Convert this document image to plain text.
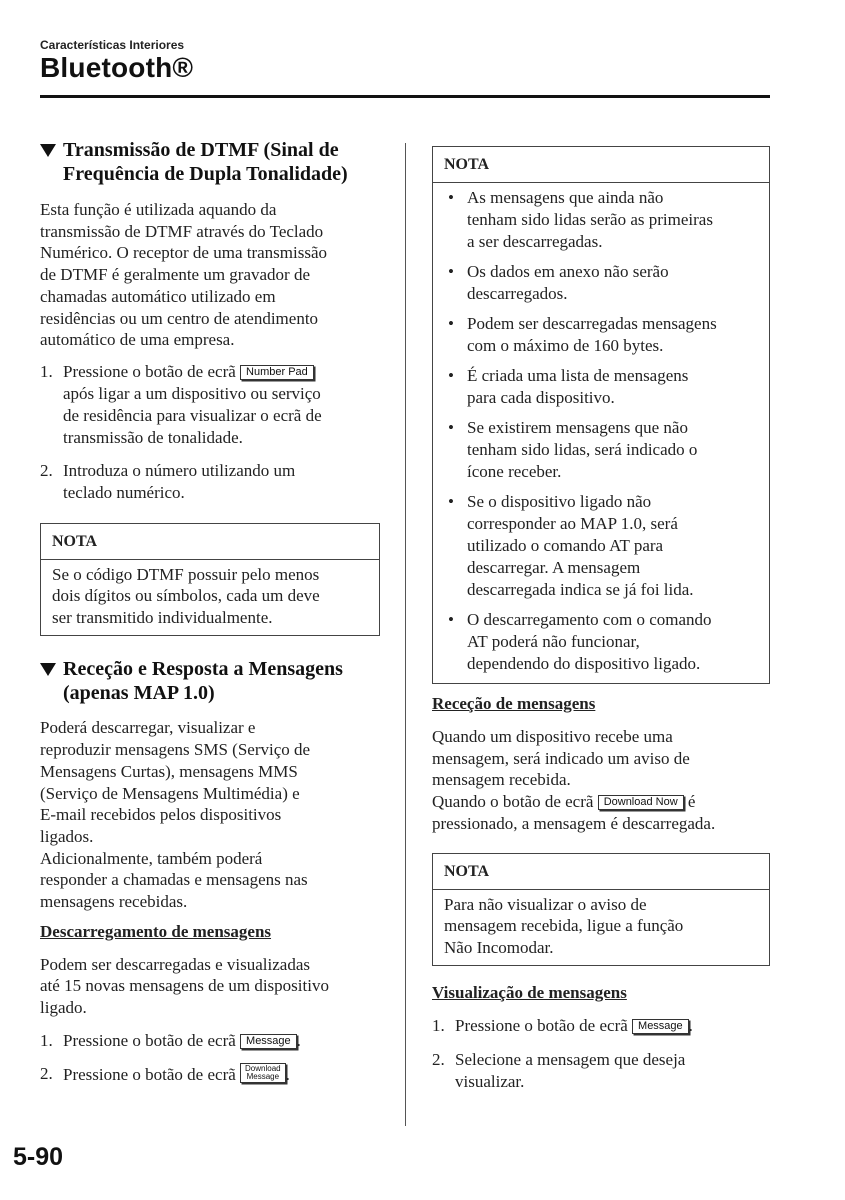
Características Interiores
Bluetooth®
Transmissão de DTMF (Sinal de
Frequência de Dupla Tonalidade)

Esta função é utilizada aquando da
transmissão de DTMF através do Teclado
Numérico. O receptor de uma transmissão
de DTMF é geralmente um gravador de
chamadas automático utilizado em
residências ou um centro de atendimento
automático de uma empresa.

1. Pressione o botão de ecrã Number Pad
após ligar a um dispositivo ou serviço
de residência para visualizar o ecrã de
transmissão de tonalidade.
2. Introduza o número utilizando um
teclado numérico.
NOTA
Se o código DTMF possuir pelo menos
dois dígitos ou símbolos, cada um deve
ser transmitido individualmente.
Receção e Resposta a Mensagens
(apenas MAP 1.0)

Poderá descarregar, visualizar e
reproduzir mensagens SMS (Serviço de
Mensagens Curtas), mensagens MMS
(Serviço de Mensagens Multimédia) e
E-mail recebidos pelos dispositivos
ligados.
Adicionalmente, também poderá
responder a chamadas e mensagens nas
mensagens recebidas.

Descarregamento de mensagens

Podem ser descarregadas e visualizadas
até 15 novas mensagens de um dispositivo
ligado.

1. Pressione o botão de ecrã Message .
2. Pressione o botão de ecrã Download
Message .
NOTA
• As mensagens que ainda não
tenham sido lidas serão as primeiras
a ser descarregadas.
• Os dados em anexo não serão
descarregados.
• Podem ser descarregadas mensagens
com o máximo de 160 bytes.
• É criada uma lista de mensagens
para cada dispositivo.
• Se existirem mensagens que não
tenham sido lidas, será indicado o
ícone receber.
• Se o dispositivo ligado não
corresponder ao MAP 1.0, será
utilizado o comando AT para
descarregar. A mensagem
descarregada indica se já foi lida.
• O descarregamento com o comando
AT poderá não funcionar,
dependendo do dispositivo ligado.

Receção de mensagens

Quando um dispositivo recebe uma
mensagem, será indicado um aviso de
mensagem recebida.
Quando o botão de ecrã Download Now é
pressionado, a mensagem é descarregada.

NOTA
Para não visualizar o aviso de
mensagem recebida, ligue a função
Não Incomodar.

Visualização de mensagens

1. Pressione o botão de ecrã Message .
2. Selecione a mensagem que deseja
visualizar.
5-90
